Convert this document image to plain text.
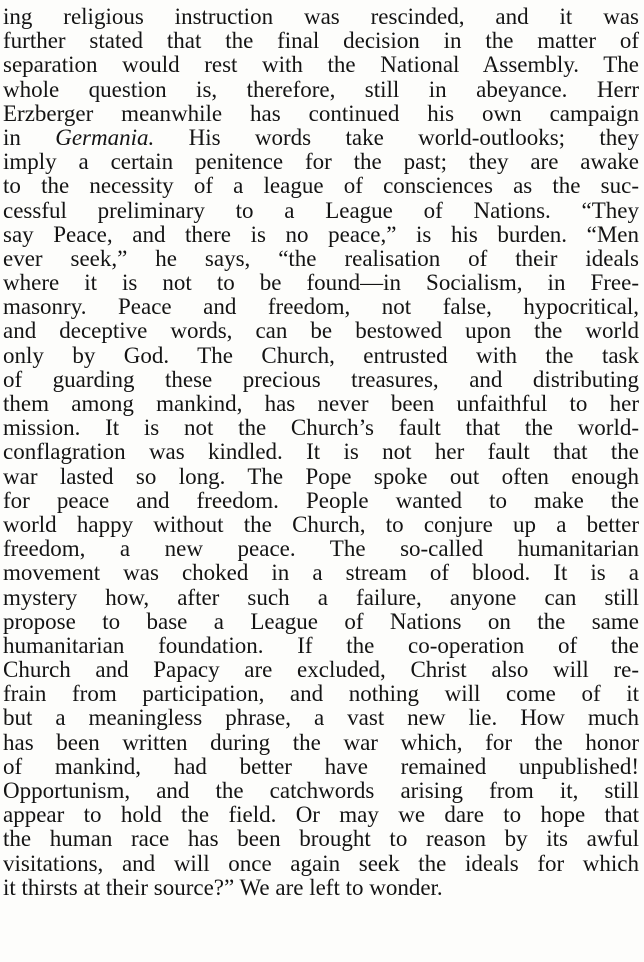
ing religious instruction was rescinded, and it was
further stated that the final decision in the matter of
separation would rest with the National Assembly. The
whole question is, therefore, still in abeyance. Herr
Erzberger meanwhile has continued his own campaign
in Germania. His words take world-outlooks; they
imply a certain penitence for the past; they are awake
to the necessity of a league of consciences as the suc-
cessful preliminary to a League of Nations. “They
say Peace, and there is no peace,” is his burden. “Men
ever seek,” he says, “the realisation of their ideals
where it is not to be found—in Socialism, in Free-
masonry. Peace and freedom, not false, hypocritical,
and deceptive words, can be bestowed upon the world
only by God. The Church, entrusted with the task
of guarding these precious treasures, and distributing
them among mankind, has never been unfaithful to her
mission. It is not the Church’s fault that the world-
conflagration was kindled. It is not her fault that the
war lasted so long. The Pope spoke out often enough
for peace and freedom. People wanted to make the
world happy without the Church, to conjure up a better
freedom, a new peace. The so-called humanitarian
movement was choked in a stream of blood. It is a
mystery how, after such a failure, anyone can still
propose to base a League of Nations on the same
humanitarian foundation. If the co-operation of the
Church and Papacy are excluded, Christ also will re-
frain from participation, and nothing will come of it
but a meaningless phrase, a vast new lie. How much
has been written during the war which, for the honor
of mankind, had better have remained unpublished!
Opportunism, and the catchwords arising from it, still
appear to hold the field. Or may we dare to hope that
the human race has been brought to reason by its awful
visitations, and will once again seek the ideals for which
it thirsts at their source?” We are left to wonder.
